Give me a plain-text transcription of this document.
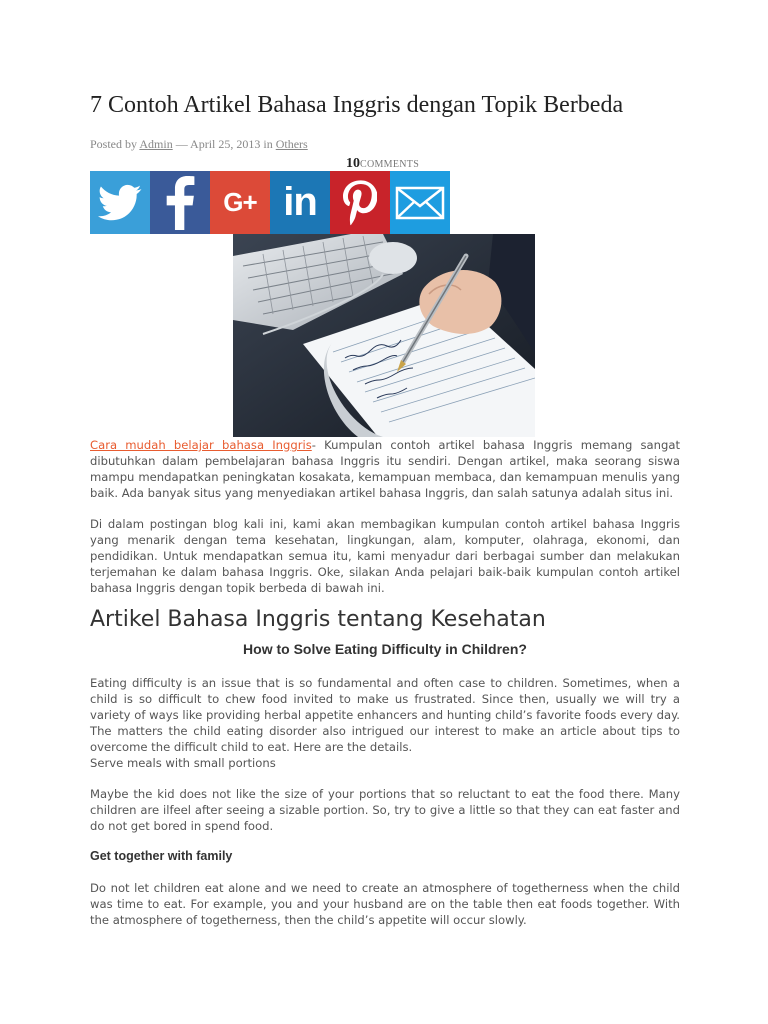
7 Contoh Artikel Bahasa Inggris dengan Topik Berbeda
Posted by Admin — April 25, 2013 in Others
10COMMENTS
G+ in

Cara mudah belajar bahasa Inggris- Kumpulan contoh artikel bahasa Inggris memang sangat dibutuhkan dalam pembelajaran bahasa Inggris itu sendiri. Dengan artikel, maka seorang siswa mampu mendapatkan peningkatan kosakata, kemampuan membaca, dan kemampuan menulis yang baik. Ada banyak situs yang menyediakan artikel bahasa Inggris, dan salah satunya adalah situs ini.

Di dalam postingan blog kali ini, kami akan membagikan kumpulan contoh artikel bahasa Inggris yang menarik dengan tema kesehatan, lingkungan, alam, komputer, olahraga, ekonomi, dan pendidikan. Untuk mendapatkan semua itu, kami menyadur dari berbagai sumber dan melakukan terjemahan ke dalam bahasa Inggris. Oke, silakan Anda pelajari baik-baik kumpulan contoh artikel bahasa Inggris dengan topik berbeda di bawah ini.

Artikel Bahasa Inggris tentang Kesehatan
How to Solve Eating Difficulty in Children?

Eating difficulty is an issue that is so fundamental and often case to children. Sometimes, when a child is so difficult to chew food invited to make us frustrated. Since then, usually we will try a variety of ways like providing herbal appetite enhancers and hunting child’s favorite foods every day. The matters the child eating disorder also intrigued our interest to make an article about tips to overcome the difficult child to eat. Here are the details.

Serve meals with small portions

Maybe the kid does not like the size of your portions that so reluctant to eat the food there. Many children are ilfeel after seeing a sizable portion. So, try to give a little so that they can eat faster and do not get bored in spend food.

Get together with family

Do not let children eat alone and we need to create an atmosphere of togetherness when the child was time to eat. For example, you and your husband are on the table then eat foods together. With the atmosphere of togetherness, then the child’s appetite will occur slowly.
